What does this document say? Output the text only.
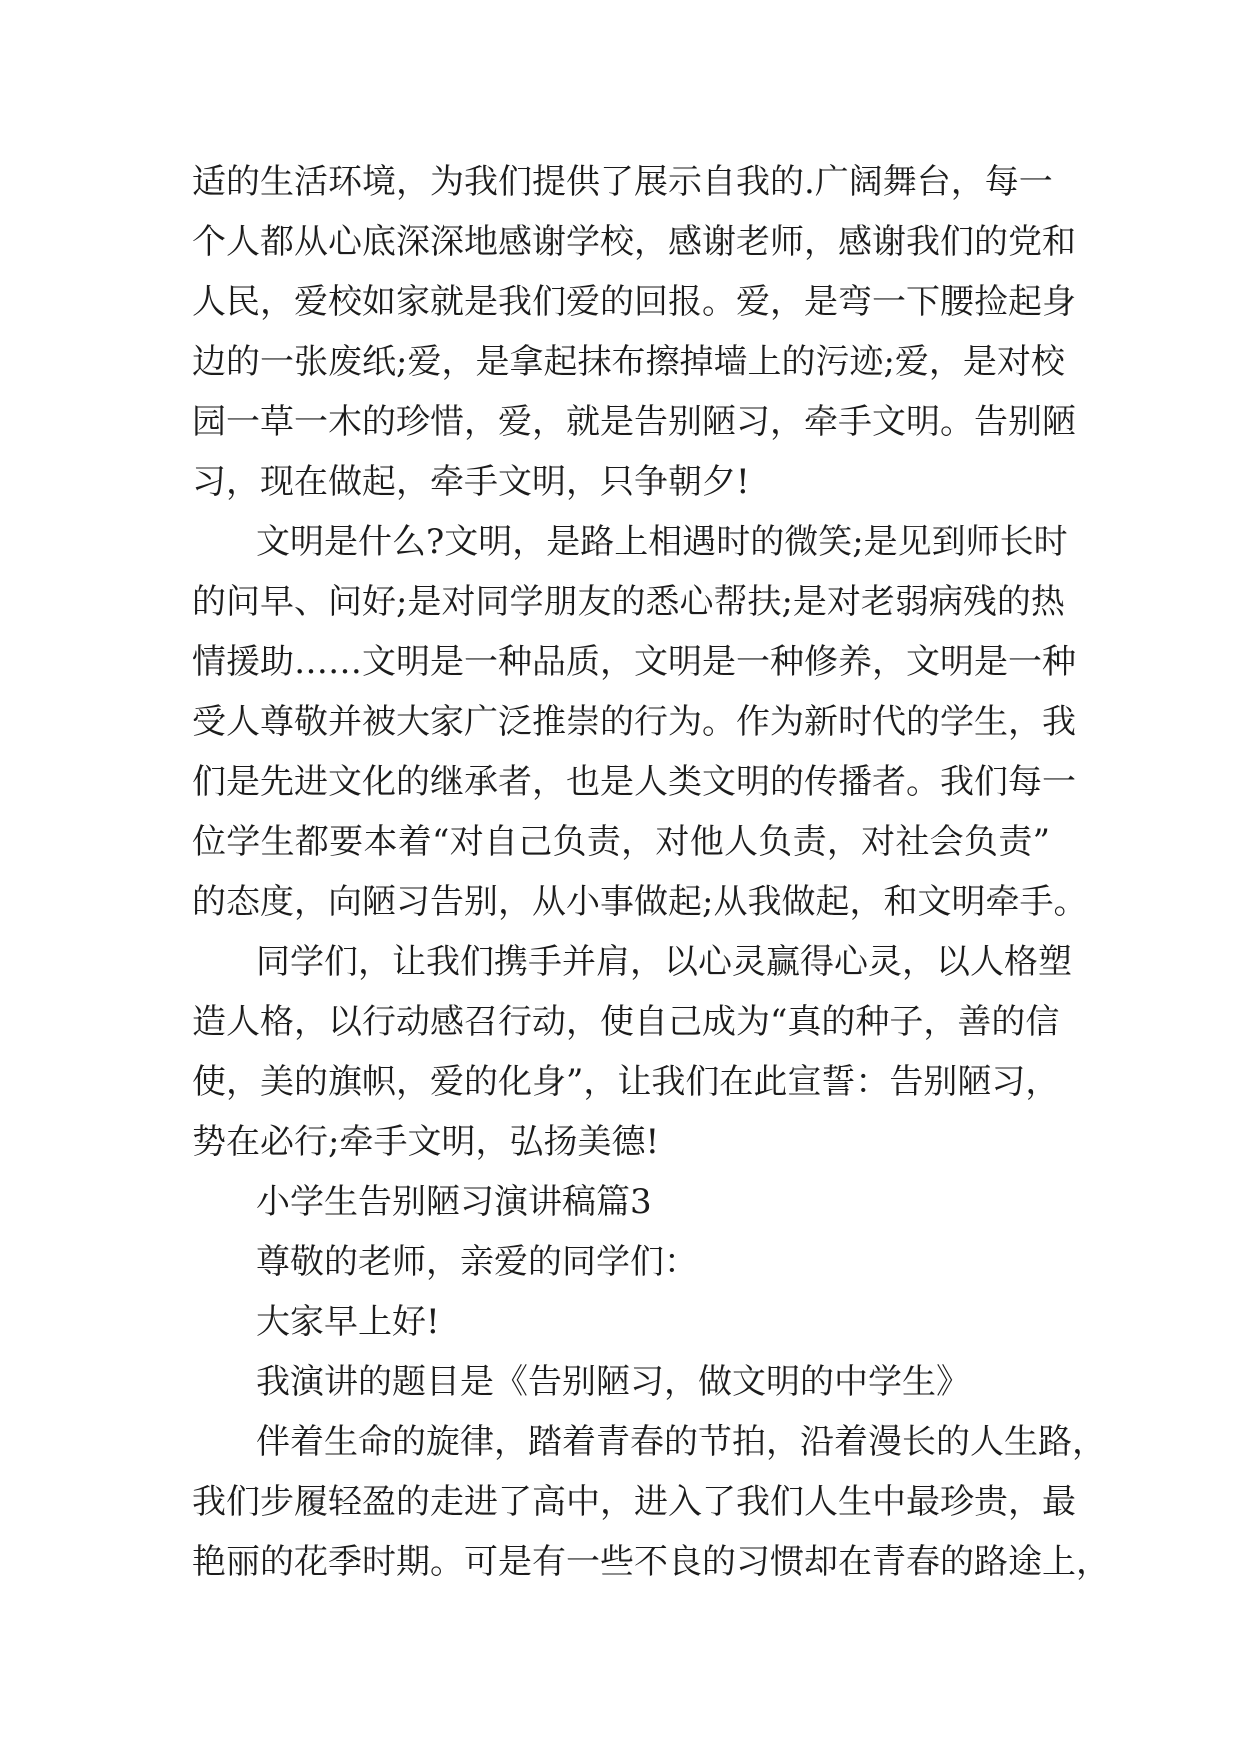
适的生活环境，为我们提供了展示自我的.广阔舞台，每一
个人都从心底深深地感谢学校，感谢老师，感谢我们的党和
人民，爱校如家就是我们爱的回报。爱，是弯一下腰捡起身
边的一张废纸;爱，是拿起抹布擦掉墙上的污迹;爱，是对校
园一草一木的珍惜，爱，就是告别陋习，牵手文明。告别陋
习，现在做起，牵手文明，只争朝夕!
文明是什么?文明，是路上相遇时的微笑;是见到师长时
的问早、问好;是对同学朋友的悉心帮扶;是对老弱病残的热
情援助……文明是一种品质，文明是一种修养，文明是一种
受人尊敬并被大家广泛推崇的行为。作为新时代的学生，我
们是先进文化的继承者，也是人类文明的传播者。我们每一
位学生都要本着“对自己负责，对他人负责，对社会负责”
的态度，向陋习告别，从小事做起;从我做起，和文明牵手。
同学们，让我们携手并肩，以心灵赢得心灵，以人格塑
造人格，以行动感召行动，使自己成为“真的种子，善的信
使，美的旗帜，爱的化身”，让我们在此宣誓：告别陋习，
势在必行;牵手文明，弘扬美德!
小学生告别陋习演讲稿篇3
尊敬的老师，亲爱的同学们：
大家早上好!
我演讲的题目是《告别陋习，做文明的中学生》
伴着生命的旋律，踏着青春的节拍，沿着漫长的人生路，
我们步履轻盈的走进了高中，进入了我们人生中最珍贵，最
艳丽的花季时期。可是有一些不良的习惯却在青春的路途上，
